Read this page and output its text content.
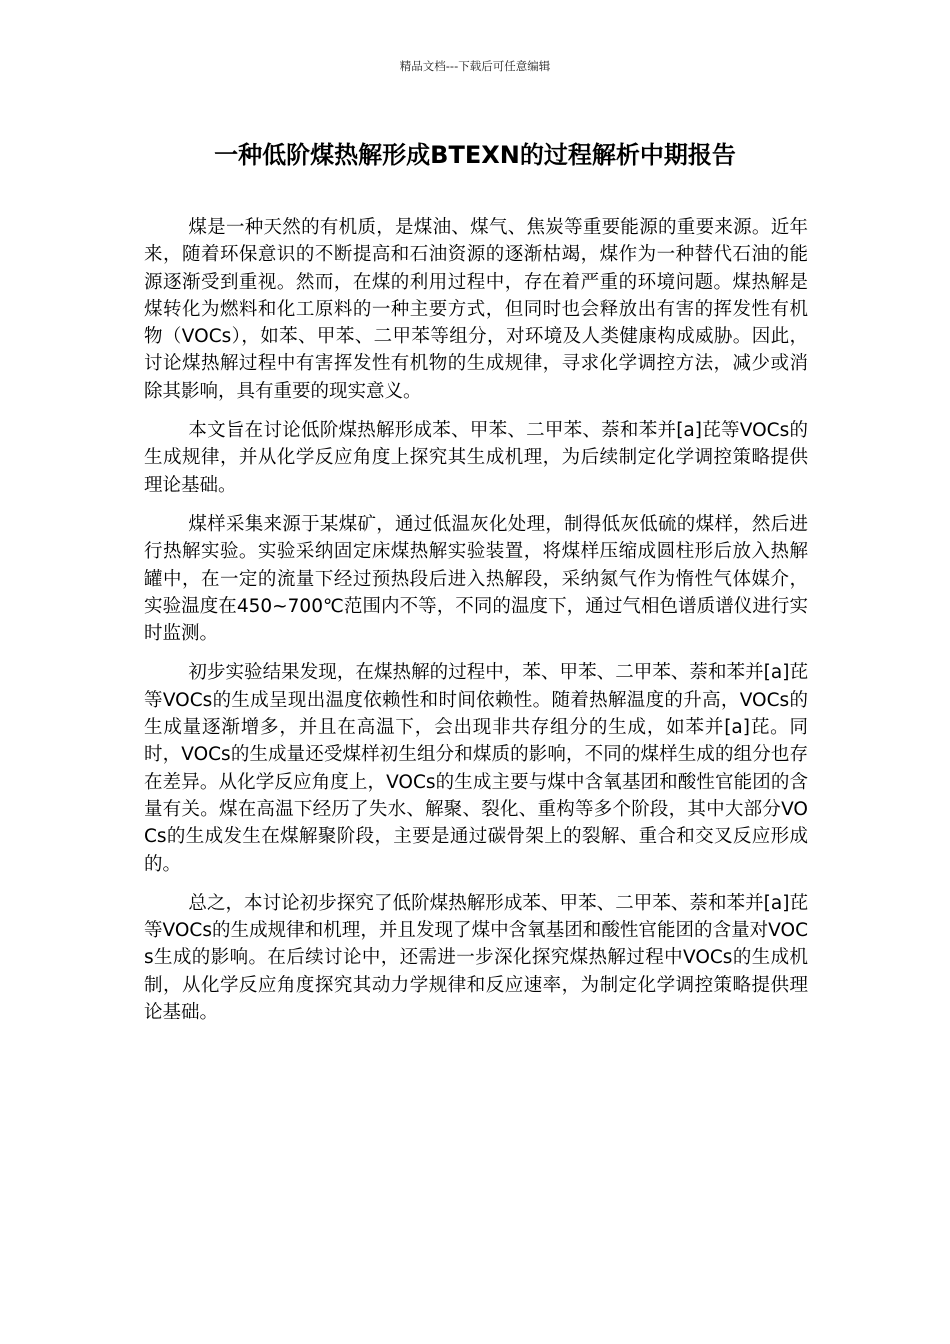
精品文档---下载后可任意编辑
一种低阶煤热解形成BTEXN的过程解析中期报告

煤是一种天然的有机质，是煤油、煤气、焦炭等重要能源的重要来源。近年来，随着环保意识的不断提高和石油资源的逐渐枯竭，煤作为一种替代石油的能源逐渐受到重视。然而，在煤的利用过程中，存在着严重的环境问题。煤热解是煤转化为燃料和化工原料的一种主要方式，但同时也会释放出有害的挥发性有机物（VOCs），如苯、甲苯、二甲苯等组分，对环境及人类健康构成威胁。因此，讨论煤热解过程中有害挥发性有机物的生成规律，寻求化学调控方法，减少或消除其影响，具有重要的现实意义。

本文旨在讨论低阶煤热解形成苯、甲苯、二甲苯、萘和苯并[a]芘等VOCs的生成规律，并从化学反应角度上探究其生成机理，为后续制定化学调控策略提供理论基础。

煤样采集来源于某煤矿，通过低温灰化处理，制得低灰低硫的煤样，然后进行热解实验。实验采纳固定床煤热解实验装置，将煤样压缩成圆柱形后放入热解罐中，在一定的流量下经过预热段后进入热解段，采纳氮气作为惰性气体媒介，实验温度在450~700℃范围内不等，不同的温度下，通过气相色谱质谱仪进行实时监测。

初步实验结果发现，在煤热解的过程中，苯、甲苯、二甲苯、萘和苯并[a]芘等VOCs的生成呈现出温度依赖性和时间依赖性。随着热解温度的升高，VOCs的生成量逐渐增多，并且在高温下，会出现非共存组分的生成，如苯并[a]芘。同时，VOCs的生成量还受煤样初生组分和煤质的影响，不同的煤样生成的组分也存在差异。从化学反应角度上，VOCs的生成主要与煤中含氧基团和酸性官能团的含量有关。煤在高温下经历了失水、解聚、裂化、重构等多个阶段，其中大部分VOCs的生成发生在煤解聚阶段，主要是通过碳骨架上的裂解、重合和交叉反应形成的。

总之，本讨论初步探究了低阶煤热解形成苯、甲苯、二甲苯、萘和苯并[a]芘等VOCs的生成规律和机理，并且发现了煤中含氧基团和酸性官能团的含量对VOCs生成的影响。在后续讨论中，还需进一步深化探究煤热解过程中VOCs的生成机制，从化学反应角度探究其动力学规律和反应速率，为制定化学调控策略提供理论基础。
